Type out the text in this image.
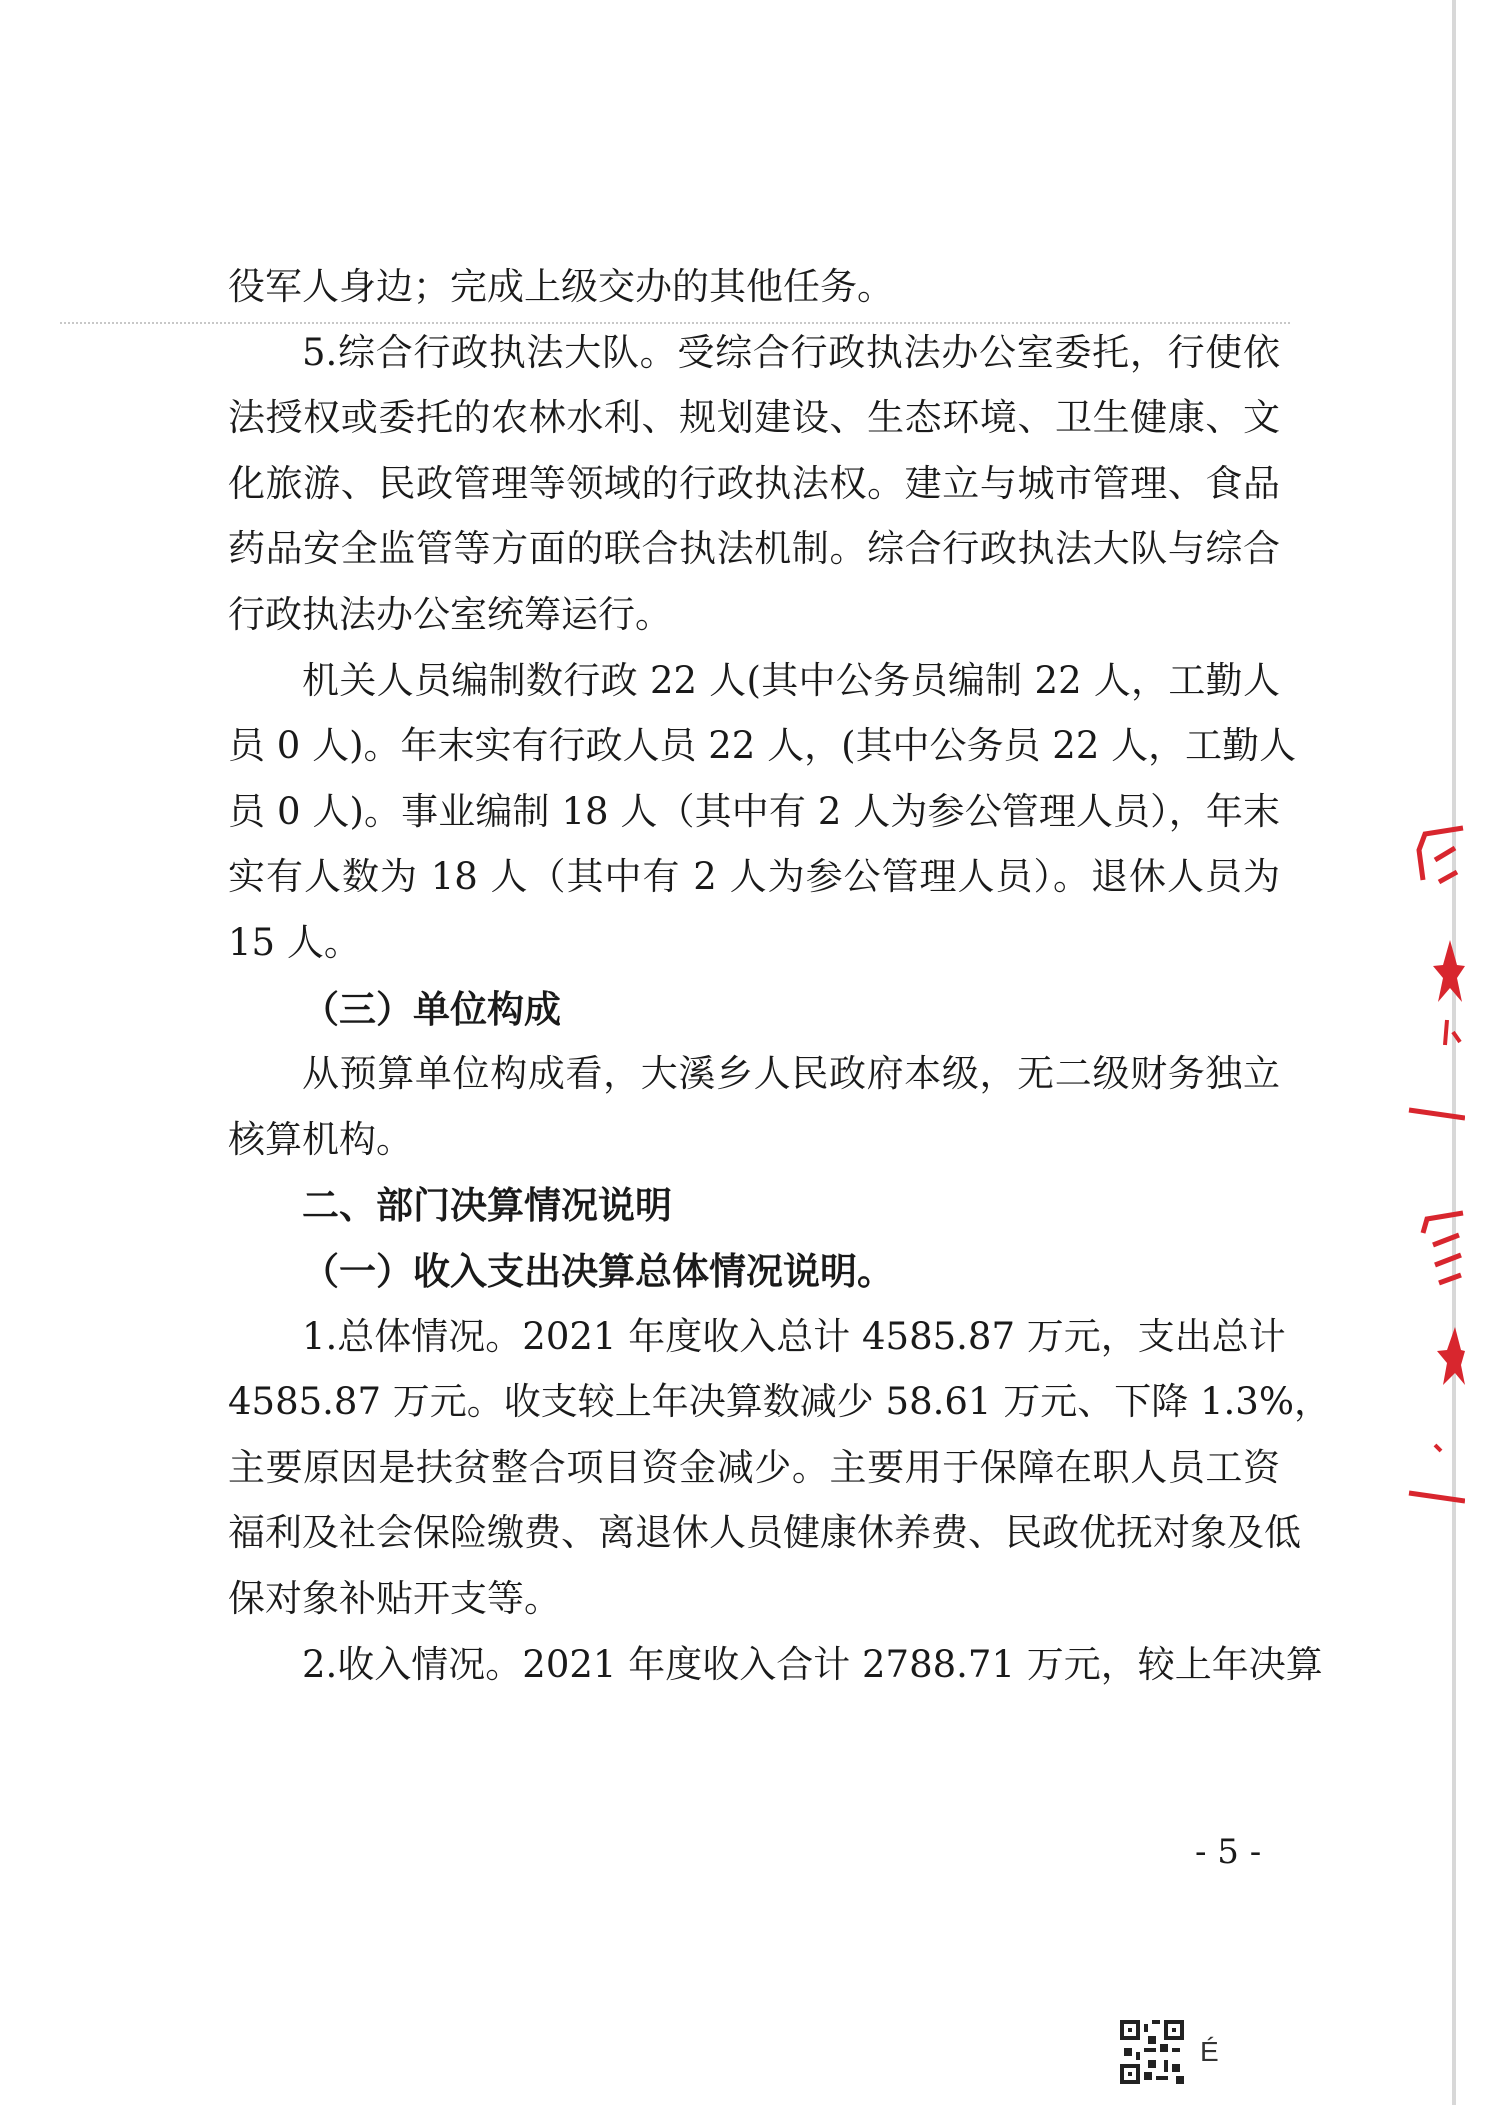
役军人身边；完成上级交办的其他任务。
5.综合行政执法大队。受综合行政执法办公室委托，行使依
法授权或委托的农林水利、规划建设、生态环境、卫生健康、文
化旅游、民政管理等领域的行政执法权。建立与城市管理、食品
药品安全监管等方面的联合执法机制。综合行政执法大队与综合
行政执法办公室统筹运行。
机关人员编制数行政 22 人(其中公务员编制 22 人，工勤人
员 0 人)。年末实有行政人员 22 人，(其中公务员 22 人，工勤人
员 0 人)。事业编制 18 人（其中有 2 人为参公管理人员），年末
实有人数为 18 人（其中有 2 人为参公管理人员）。退休人员为
15 人。
（三）单位构成
从预算单位构成看，大溪乡人民政府本级，无二级财务独立
核算机构。
二、部门决算情况说明
（一）收入支出决算总体情况说明。
1.总体情况。2021 年度收入总计 4585.87 万元，支出总计
4585.87 万元。收支较上年决算数减少 58.61 万元、下降 1.3%，
主要原因是扶贫整合项目资金减少。主要用于保障在职人员工资
福利及社会保险缴费、离退休人员健康休养费、民政优抚对象及低
保对象补贴开支等。
2.收入情况。2021 年度收入合计 2788.71 万元，较上年决算
- 5 -
É
